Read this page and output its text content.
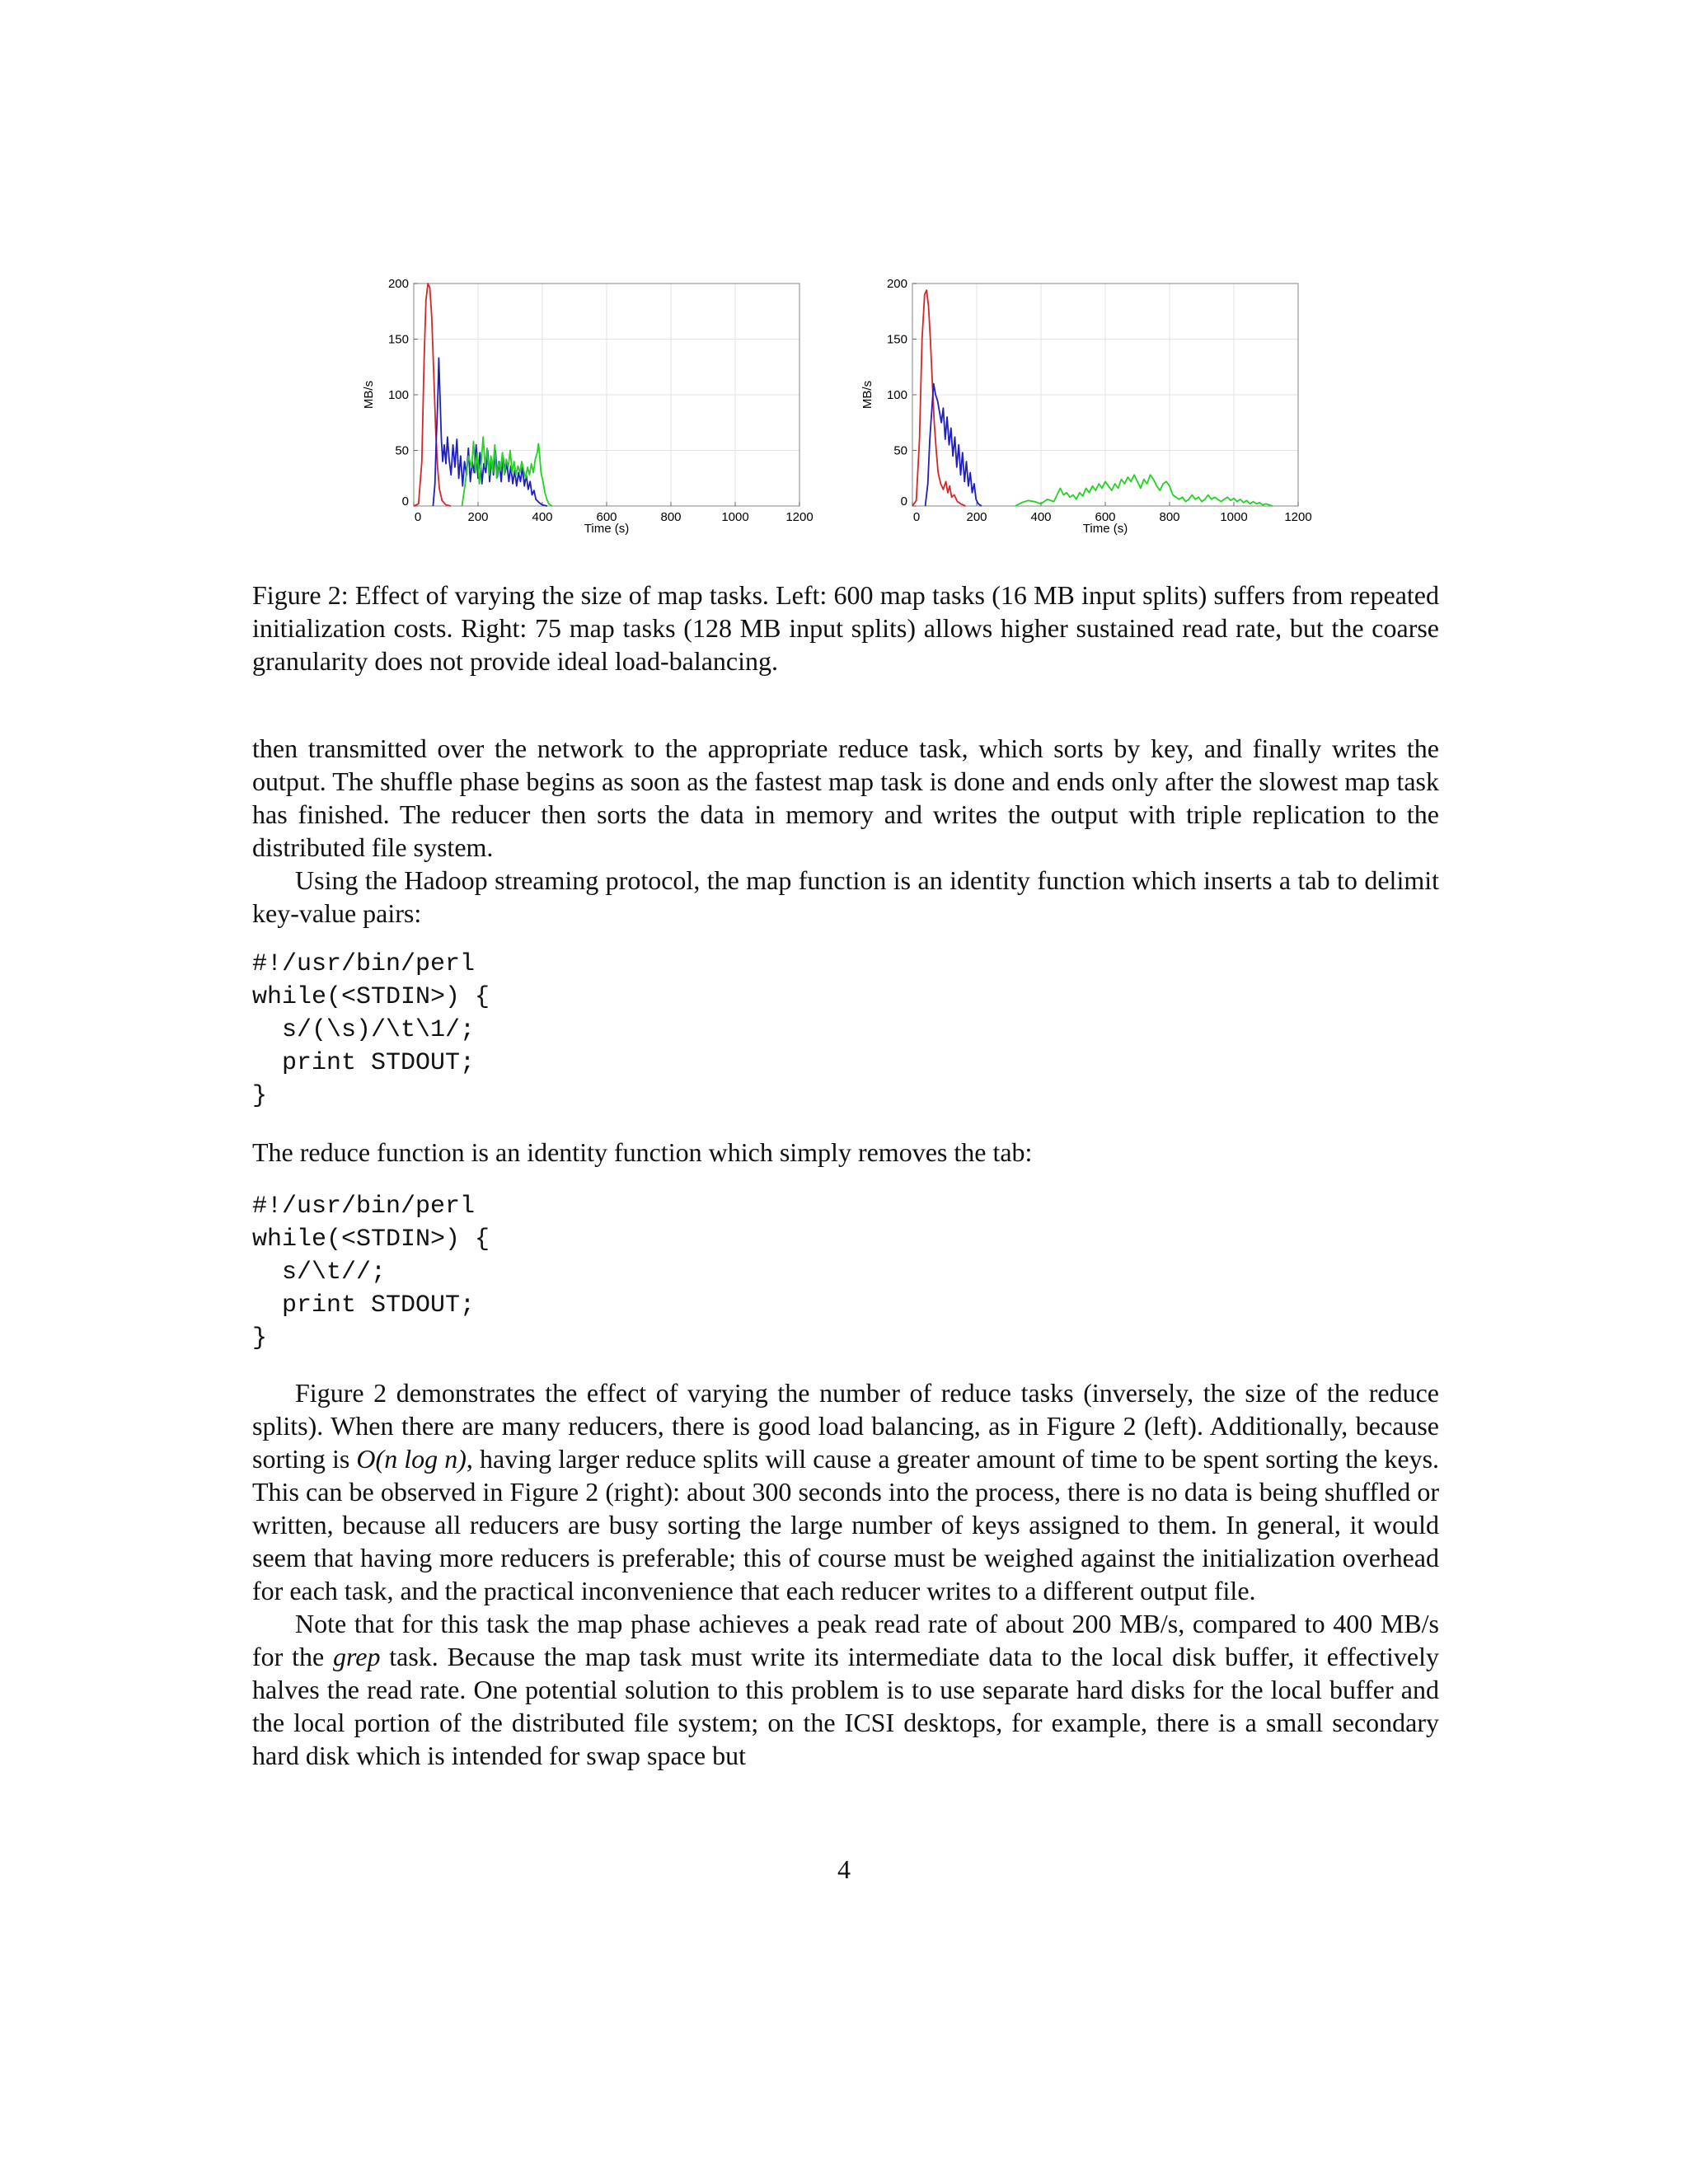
0	200	400	600	800	1000	1200
0
50
100
150
200
Time (s)
MB/s
0	200	400	600	800	1000	1200
0
50
100
150
200
Time (s)
MB/s
Figure 2: Effect of varying the size of map tasks. Left: 600 map tasks (16 MB input splits) suffers from repeated initialization costs. Right: 75 map tasks (128 MB input splits) allows higher sustained read rate, but the coarse granularity does not provide ideal load-balancing.

then transmitted over the network to the appropriate reduce task, which sorts by key, and finally writes the output. The shuffle phase begins as soon as the fastest map task is done and ends only after the slowest map task has finished. The reducer then sorts the data in memory and writes the output with triple replication to the distributed file system.

Using the Hadoop streaming protocol, the map function is an identity function which inserts a tab to delimit key-value pairs:

#!/usr/bin/perl
while(<STDIN>) {
s/(\s)/\t\1/;
print STDOUT;
}

The reduce function is an identity function which simply removes the tab:

#!/usr/bin/perl
while(<STDIN>) {
s/\t//;
print STDOUT;
}

Figure 2 demonstrates the effect of varying the number of reduce tasks (inversely, the size of the reduce splits). When there are many reducers, there is good load balancing, as in Figure 2 (left). Additionally, because sorting is O(n log n), having larger reduce splits will cause a greater amount of time to be spent sorting the keys. This can be observed in Figure 2 (right): about 300 seconds into the process, there is no data is being shuffled or written, because all reducers are busy sorting the large number of keys assigned to them. In general, it would seem that having more reducers is preferable; this of course must be weighed against the initialization overhead for each task, and the practical inconvenience that each reducer writes to a different output file.

Note that for this task the map phase achieves a peak read rate of about 200 MB/s, compared to 400 MB/s for the grep task. Because the map task must write its intermediate data to the local disk buffer, it effectively halves the read rate. One potential solution to this problem is to use separate hard disks for the local buffer and the local portion of the distributed file system; on the ICSI desktops, for example, there is a small secondary hard disk which is intended for swap space but

4
